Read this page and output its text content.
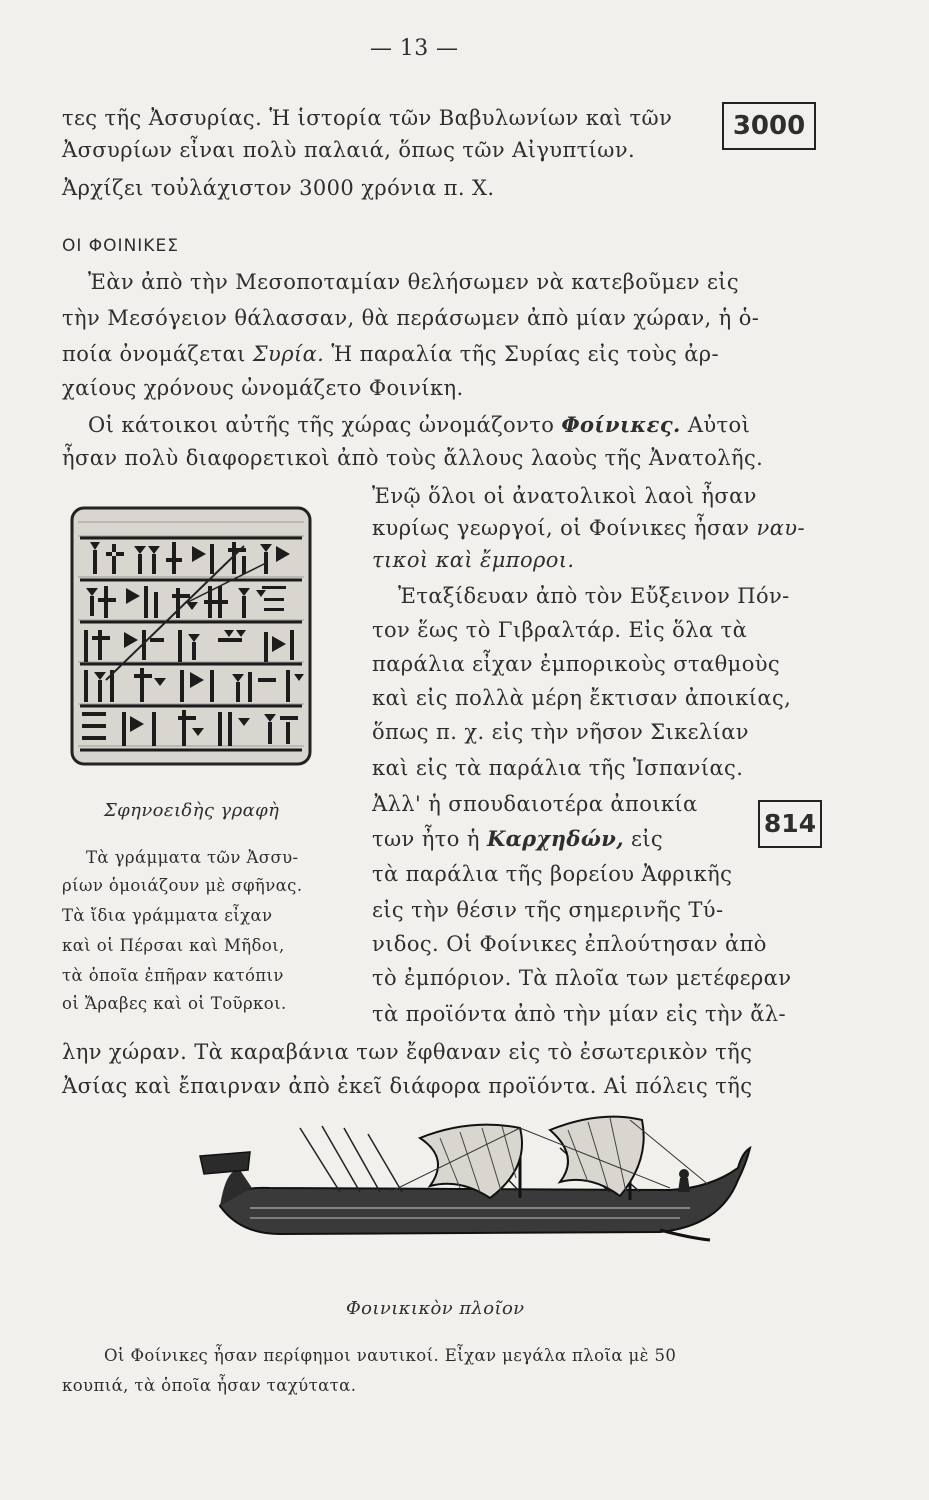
— 13 —
τες τῆς Ἀσσυρίας. Ἡ ἱστορία τῶν Βαβυλωνίων καὶ τῶν
Ἀσσυρίων εἶναι πολὺ παλαιά, ὅπως τῶν Αἰγυπτίων.
Ἀρχίζει τοὐλάχιστον 3000 χρόνια π. Χ.
3000
ΟΙ ΦΟΙΝΙΚΕΣ
Ἐὰν ἀπὸ τὴν Μεσοποταμίαν θελήσωμεν νὰ κατεβοῦμεν εἰς
τὴν Μεσόγειον θάλασσαν, θὰ περάσωμεν ἀπὸ μίαν χώραν, ἡ ὁ-
ποία ὀνομάζεται Συρία. Ἡ παραλία τῆς Συρίας εἰς τοὺς ἀρ-
χαίους χρόνους ὠνομάζετο Φοινίκη.
Οἱ κάτοικοι αὐτῆς τῆς χώρας ὠνομάζοντο Φοίνικες. Αὐτοὶ
ἦσαν πολὺ διαφορετικοὶ ἀπὸ τοὺς ἄλλους λαοὺς τῆς Ἀνατολῆς.
Σφηνοειδὴς γραφὴ
Τὰ γράμματα τῶν Ἀσσυ-
ρίων ὁμοιάζουν μὲ σφῆνας.
Τὰ ἴδια γράμματα εἶχαν
καὶ οἱ Πέρσαι καὶ Μῆδοι,
τὰ ὁποῖα ἐπῆραν κατόπιν
οἱ Ἄραβες καὶ οἱ Τοῦρκοι.
Ἐνῷ ὅλοι οἱ ἀνατολικοὶ λαοὶ ἦσαν
κυρίως γεωργοί, οἱ Φοίνικες ἦσαν ναυ-
τικοὶ καὶ ἔμποροι.
Ἐταξίδευαν ἀπὸ τὸν Εὔξεινον Πόν-
τον ἕως τὸ Γιβραλτάρ. Εἰς ὅλα τὰ
παράλια εἶχαν ἐμπορικοὺς σταθμοὺς
καὶ εἰς πολλὰ μέρη ἔκτισαν ἀποικίας,
ὅπως π. χ. εἰς τὴν νῆσον Σικελίαν
καὶ εἰς τὰ παράλια τῆς Ἱσπανίας.
Ἀλλ' ἡ σπουδαιοτέρα ἀποικία
των ἦτο ἡ Καρχηδών, εἰς
τὰ παράλια τῆς βορείου Ἀφρικῆς
εἰς τὴν θέσιν τῆς σημερινῆς Τύ-
νιδος. Οἱ Φοίνικες ἐπλούτησαν ἀπὸ
τὸ ἐμπόριον. Τὰ πλοῖα των μετέφεραν
τὰ προϊόντα ἀπὸ τὴν μίαν εἰς τὴν ἄλ-
814
λην χώραν. Τὰ καραβάνια των ἔφθαναν εἰς τὸ ἐσωτερικὸν τῆς
Ἀσίας καὶ ἔπαιρναν ἀπὸ ἐκεῖ διάφορα προϊόντα. Αἱ πόλεις τῆς
Φοινικικὸν πλοῖον
Οἱ Φοίνικες ἦσαν περίφημοι ναυτικοί. Εἶχαν μεγάλα πλοῖα μὲ 50
κουπιά, τὰ ὁποῖα ἦσαν ταχύτατα.
